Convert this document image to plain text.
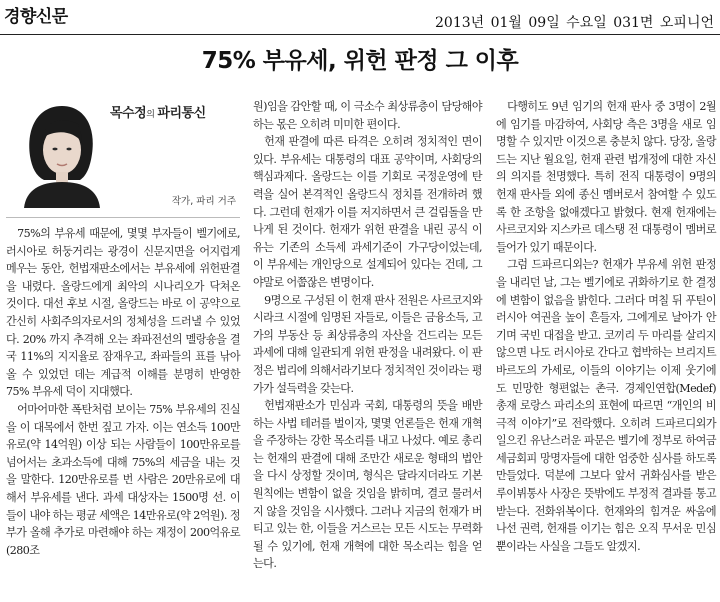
경향신문	2013년 01월 09일 수요일 031면 오피니언
75% 부유세, 위헌 판정 그 이후
목수정의 파리통신
작가, 파리 거주

75%의 부유세 때문에, 몇몇 부자들이 벨기에로, 러시아로 허둥거리는 광경이 신문지면을 어지럽게 메우는 동안, 헌법재판소에서는 부유세에 위헌판결을 내렸다. 올랑드에게 최악의 시나리오가 닥쳐온 것이다. 대선 후보 시절, 올랑드는 바로 이 공약으로 간신히 사회주의자로서의 정체성을 드러낼 수 있었다. 20% 까지 추격해 오는 좌파전선의 멜랑숑을 결국 11%의 지지율로 잠재우고, 좌파들의 표를 낚아올 수 있었던 데는 계급적 이해를 분명히 반영한 75% 부유세 덕이 지대했다.

어마어마한 폭탄처럼 보이는 75% 부유세의 진실을 이 대목에서 한번 짚고 가자. 이는 연소득 100만유로(약 14억원) 이상 되는 사람들이 100만유로를 넘어서는 초과소득에 대해 75%의 세금을 내는 것을 말한다. 120만유로를 번 사람은 20만유로에 대해서 부유세를 낸다. 과세 대상자는 1500명 선. 이들이 내야 하는 평균 세액은 14만유로(약 2억원). 정부가 올해 추가로 마련해야 하는 재정이 200억유로(280조

원)임을 감안할 때, 이 극소수 최상류층이 담당해야 하는 몫은 오히려 미미한 편이다.

헌재 판결에 따른 타격은 오히려 정치적인 면이 있다. 부유세는 대통령의 대표 공약이며, 사회당의 핵심과제다. 올랑드는 이를 기회로 국정운영에 탄력을 실어 본격적인 올랑드식 정치를 전개하려 했다. 그런데 헌재가 이를 저지하면서 큰 걸림돌을 만나게 된 것이다. 헌재가 위헌 판결을 내린 공식 이유는 기존의 소득세 과세기준이 가구당이었는데, 이 부유세는 개인당으로 설계되어 있다는 건데, 그야말로 어쭙잖은 변명이다.

9명으로 구성된 이 헌재 판사 전원은 사르코지와 시라크 시절에 임명된 자들로, 이들은 금융소득, 고가의 부동산 등 최상류층의 자산을 건드리는 모든 과세에 대해 일관되게 위헌 판정을 내려왔다. 이 판정은 법리에 의해서라기보다 정치적인 것이라는 평가가 설득력을 갖는다.

헌법재판소가 민심과 국회, 대통령의 뜻을 배반하는 사법 테러를 벌이자, 몇몇 언론들은 헌재 개혁을 주장하는 강한 목소리를 내고 나섰다. 예로 총리는 헌재의 판결에 대해 조만간 새로운 형태의 법안을 다시 상정할 것이며, 형식은 달라지더라도 기본 원칙에는 변함이 없을 것임을 밝히며, 결코 물러서지 않을 것임을 시사했다. 그러나 지금의 헌재가 버티고 있는 한, 이들을 거스르는 모든 시도는 무력화될 수 있기에, 헌재 개혁에 대한 목소리는 힘을 얻는다.

다행히도 9년 임기의 헌재 판사 중 3명이 2월에 임기를 마감하여, 사회당 측은 3명을 새로 임명할 수 있지만 이것으론 충분치 않다. 당장, 올랑드는 지난 월요일, 헌재 관련 법개정에 대한 자신의 의지를 천명했다. 특히 전직 대통령이 9명의 헌재 판사들 외에 종신 멤버로서 참여할 수 있도록 한 조항을 없애겠다고 밝혔다. 현재 헌재에는 사르코지와 지스카르 데스탱 전 대통령이 멤버로 들어가 있기 때문이다.

그럼 드파르디외는? 헌재가 부유세 위헌 판정을 내리던 날, 그는 벨기에로 귀화하기로 한 결정에 변함이 없음을 밝힌다. 그러다 며칠 뒤 푸틴이 러시아 여권을 높이 흔들자, 그에게로 날아가 안기며 국빈 대접을 받고. 코끼리 두 마리를 살리지 않으면 나도 러시아로 간다고 협박하는 브리지트 바르도의 가세로, 이들의 이야기는 이제 웃기에도 민망한 형편없는 촌극. 경제인연합(Medef) 총재 로랑스 파리소의 표현에 따르면 “개인의 비극적 이야기”로 전락했다. 오히려 드파르디외가 일으킨 유난스러운 파문은 벨기에 정부로 하여금 세금회피 망명자들에 대한 엄중한 심사를 하도록 만들었다. 덕분에 그보다 앞서 귀화심사를 받은 루이뷔통사 사장은 뜻밖에도 부정적 결과를 통고받는다. 전화위복이다. 헌재와의 힘겨운 싸움에 나선 권력, 헌재를 이기는 힘은 오직 무서운 민심뿐이라는 사실을 그들도 알겠지.
